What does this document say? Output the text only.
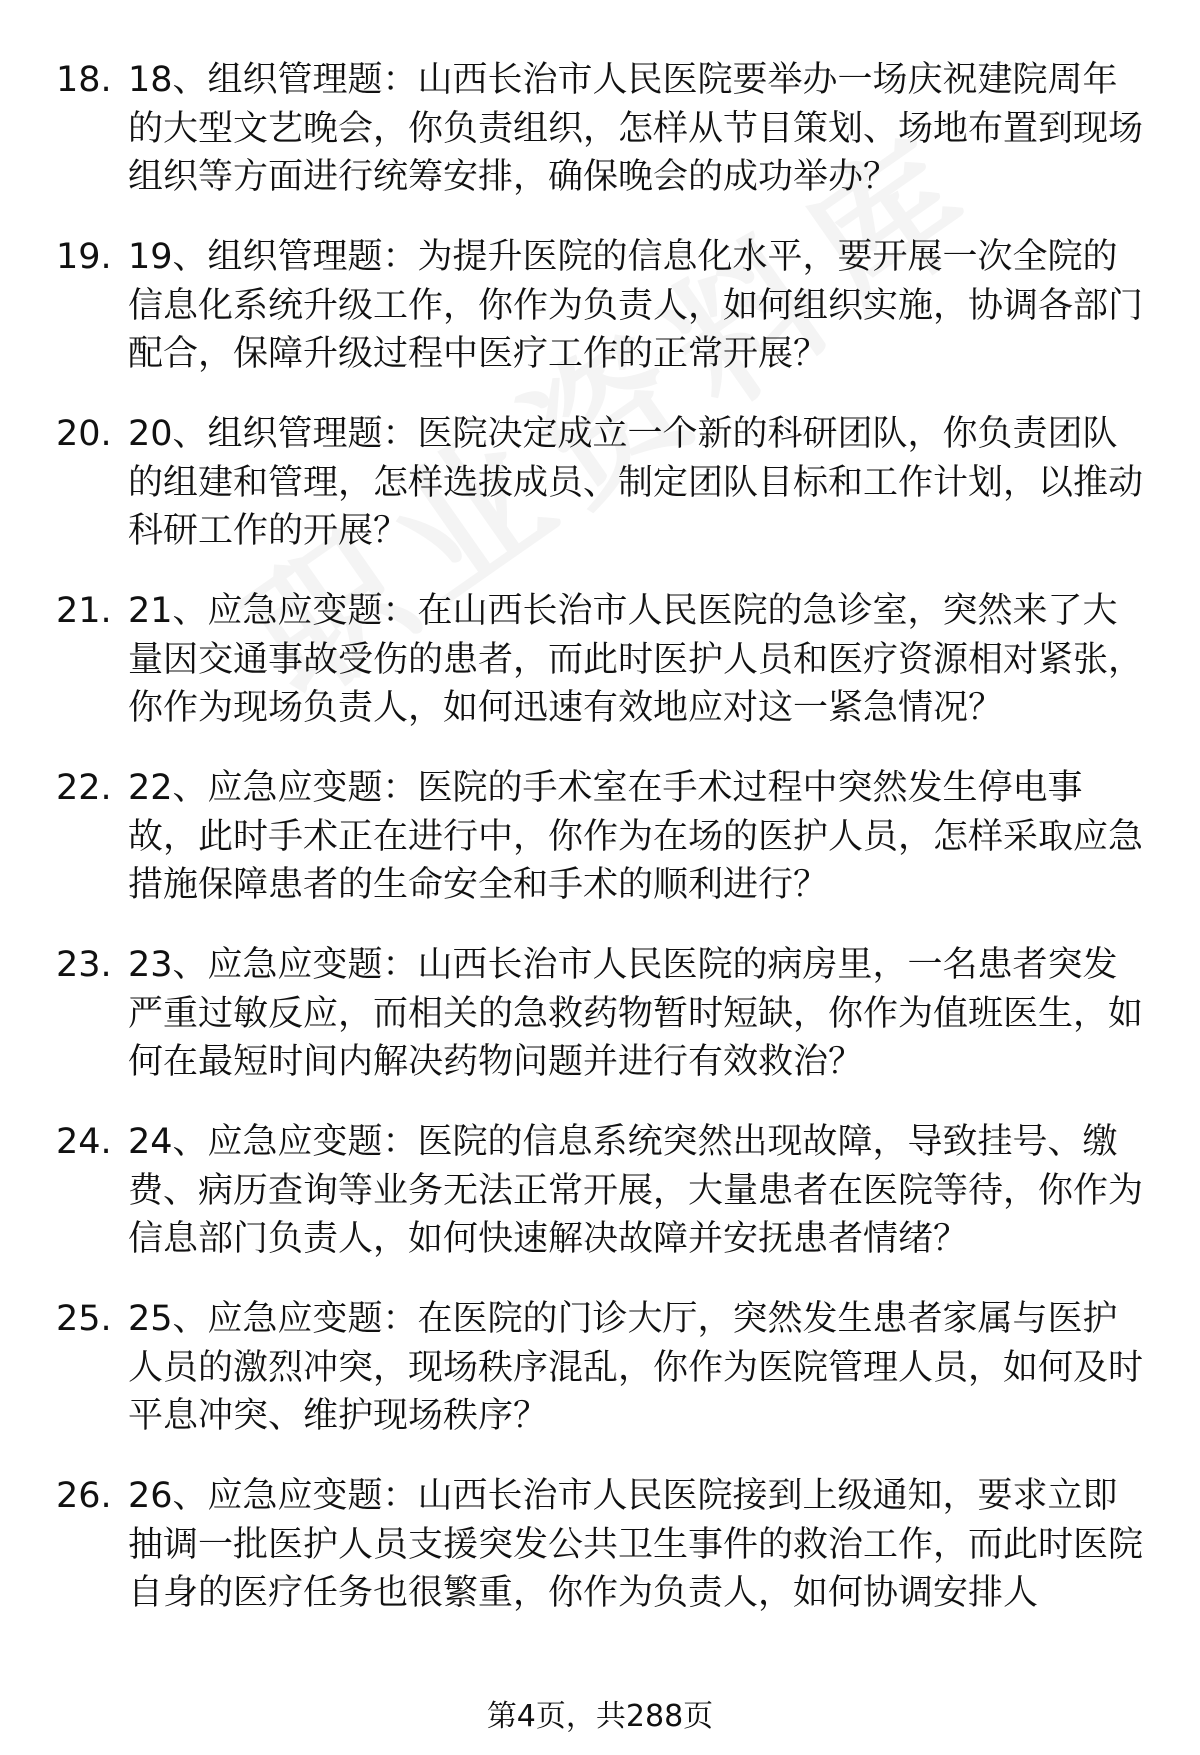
18. 18、组织管理题：山西长治市人民医院要举办一场庆祝建院周年的大型文艺晚会，你负责组织，怎样从节目策划、场地布置到现场组织等方面进行统筹安排，确保晚会的成功举办？
19. 19、组织管理题：为提升医院的信息化水平，要开展一次全院的信息化系统升级工作，你作为负责人，如何组织实施，协调各部门配合，保障升级过程中医疗工作的正常开展？
20. 20、组织管理题：医院决定成立一个新的科研团队，你负责团队的组建和管理，怎样选拔成员、制定团队目标和工作计划，以推动科研工作的开展？
21. 21、应急应变题：在山西长治市人民医院的急诊室，突然来了大量因交通事故受伤的患者，而此时医护人员和医疗资源相对紧张，你作为现场负责人，如何迅速有效地应对这一紧急情况？
22. 22、应急应变题：医院的手术室在手术过程中突然发生停电事故，此时手术正在进行中，你作为在场的医护人员，怎样采取应急措施保障患者的生命安全和手术的顺利进行？
23. 23、应急应变题：山西长治市人民医院的病房里，一名患者突发严重过敏反应，而相关的急救药物暂时短缺，你作为值班医生，如何在最短时间内解决药物问题并进行有效救治？
24. 24、应急应变题：医院的信息系统突然出现故障，导致挂号、缴费、病历查询等业务无法正常开展，大量患者在医院等待，你作为信息部门负责人，如何快速解决故障并安抚患者情绪？
25. 25、应急应变题：在医院的门诊大厅，突然发生患者家属与医护人员的激烈冲突，现场秩序混乱，你作为医院管理人员，如何及时平息冲突、维护现场秩序？
26. 26、应急应变题：山西长治市人民医院接到上级通知，要求立即抽调一批医护人员支援突发公共卫生事件的救治工作，而此时医院自身的医疗任务也很繁重，你作为负责人，如何协调安排人
第4页，共288页
